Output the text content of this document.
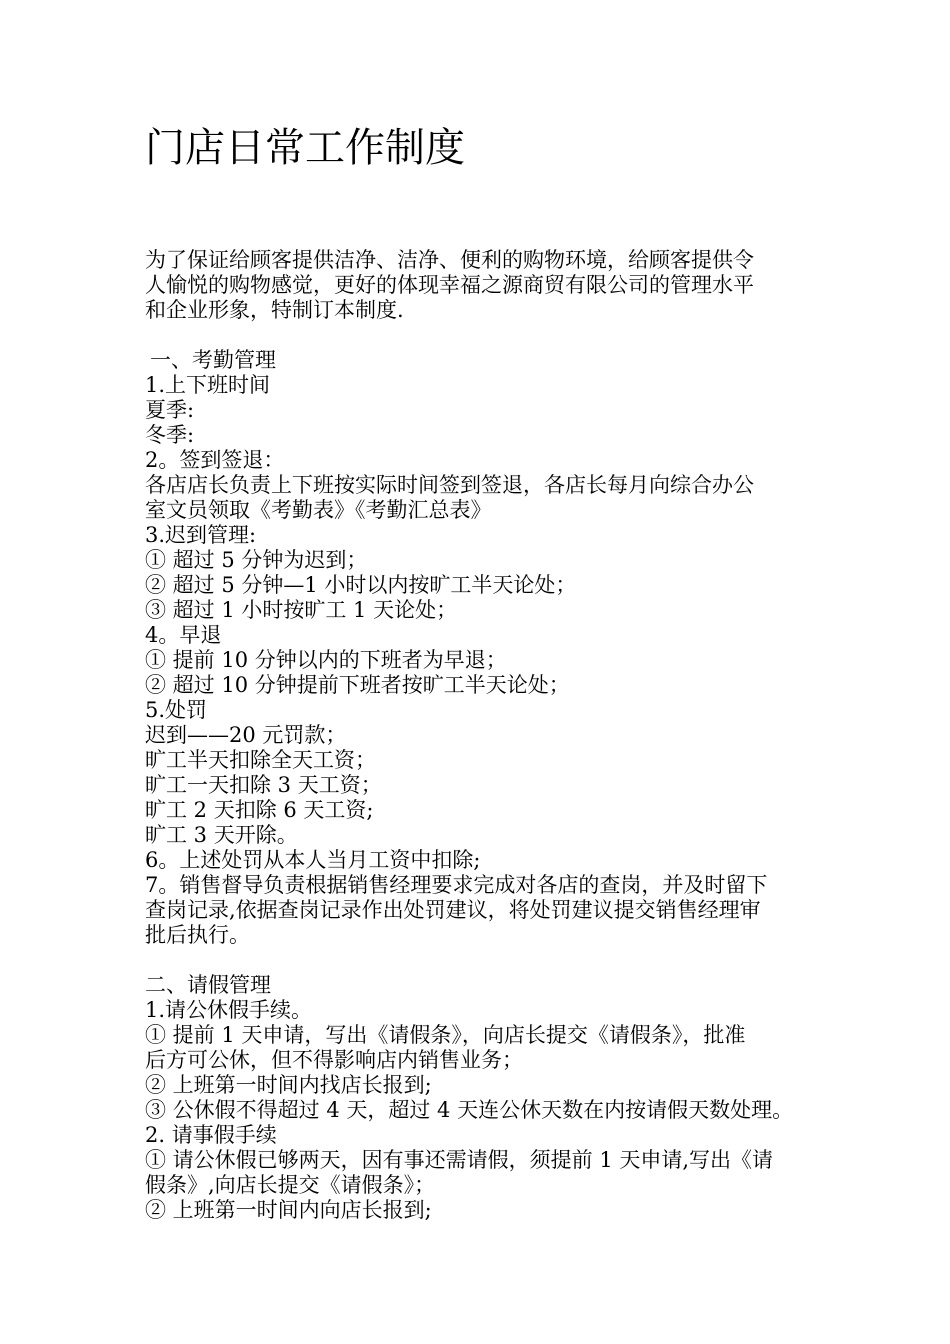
门店日常工作制度
为了保证给顾客提供洁净、洁净、便利的购物环境，给顾客提供令
人愉悦的购物感觉，更好的体现幸福之源商贸有限公司的管理水平
和企业形象，特制订本制度.
一、考勤管理
1.上下班时间
夏季:
冬季:
2。签到签退：
各店店长负责上下班按实际时间签到签退，各店长每月向综合办公
室文员领取《考勤表》《考勤汇总表》
3.迟到管理:
① 超过 5 分钟为迟到；
② 超过 5 分钟—1 小时以内按旷工半天论处；
③ 超过 1 小时按旷工 1 天论处；
4。早退
① 提前 10 分钟以内的下班者为早退；
② 超过 10 分钟提前下班者按旷工半天论处；
5.处罚
迟到——20 元罚款；
旷工半天扣除全天工资；
旷工一天扣除 3 天工资；
旷工 2 天扣除 6 天工资;
旷工 3 天开除。
6。上述处罚从本人当月工资中扣除;
7。销售督导负责根据销售经理要求完成对各店的查岗，并及时留下
查岗记录,依据查岗记录作出处罚建议，将处罚建议提交销售经理审
批后执行。
二、请假管理
1.请公休假手续。
① 提前 1 天申请，写出《请假条》，向店长提交《请假条》，批准
后方可公休，但不得影响店内销售业务；
② 上班第一时间内找店长报到;
③ 公休假不得超过 4 天，超过 4 天连公休天数在内按请假天数处理。
2. 请事假手续
① 请公休假已够两天，因有事还需请假，须提前 1 天申请,写出《请
假条》,向店长提交《请假条》；
② 上班第一时间内向店长报到;
